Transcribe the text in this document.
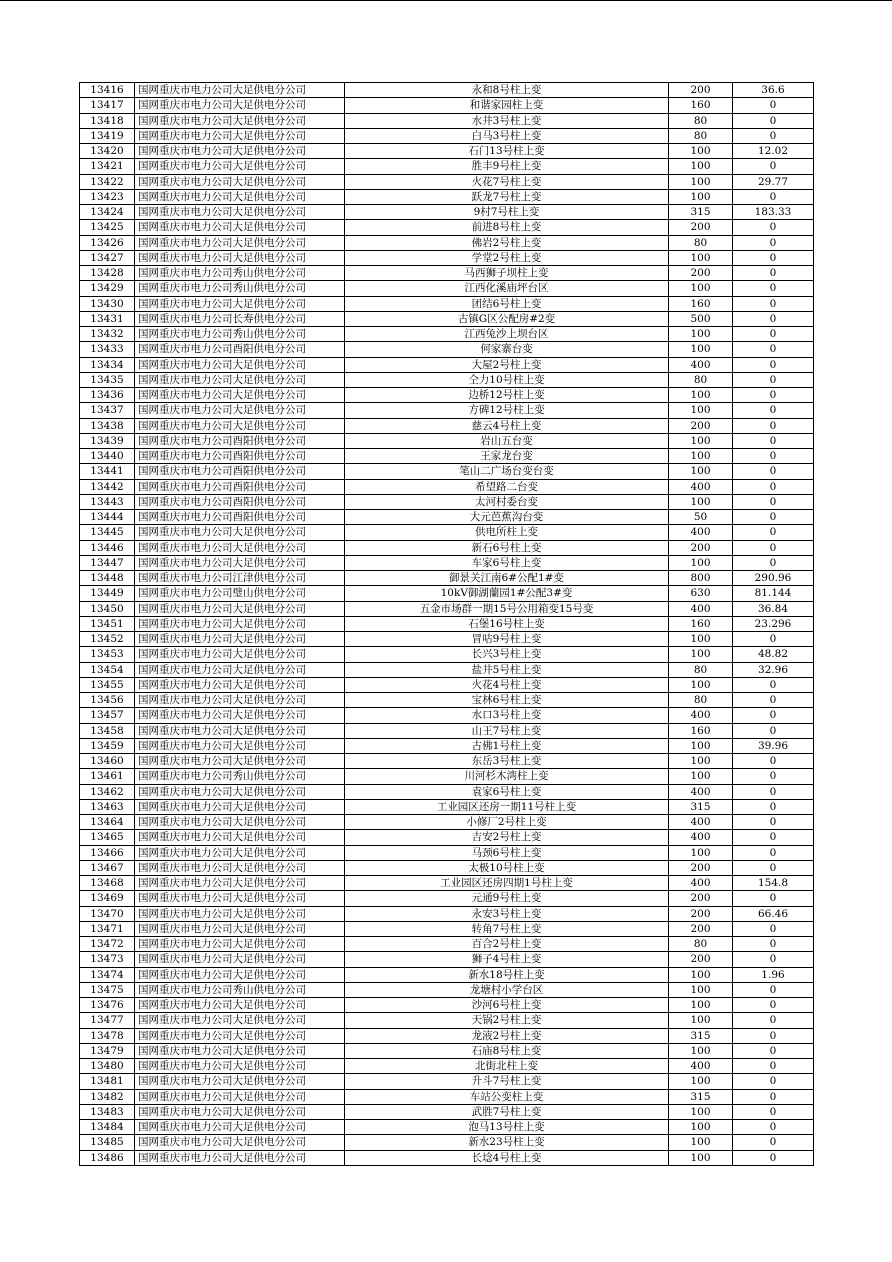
13416	国网重庆市电力公司大足供电分公司	永和8号柱上变	200	36.6
13417	国网重庆市电力公司大足供电分公司	和谐家园柱上变	160	0
13418	国网重庆市电力公司大足供电分公司	水井3号柱上变	80	0
13419	国网重庆市电力公司大足供电分公司	白马3号柱上变	80	0
13420	国网重庆市电力公司大足供电分公司	石门13号柱上变	100	12.02
13421	国网重庆市电力公司大足供电分公司	胜丰9号柱上变	100	0
13422	国网重庆市电力公司大足供电分公司	火花7号柱上变	100	29.77
13423	国网重庆市电力公司大足供电分公司	跃龙7号柱上变	100	0
13424	国网重庆市电力公司大足供电分公司	9村7号柱上变	315	183.33
13425	国网重庆市电力公司大足供电分公司	前进8号柱上变	200	0
13426	国网重庆市电力公司大足供电分公司	佛岩2号柱上变	80	0
13427	国网重庆市电力公司大足供电分公司	学堂2号柱上变	100	0
13428	国网重庆市电力公司秀山供电分公司	马西狮子坝柱上变	200	0
13429	国网重庆市电力公司秀山供电分公司	江西化溪庙坪台区	100	0
13430	国网重庆市电力公司大足供电分公司	团结6号柱上变	160	0
13431	国网重庆市电力公司长寿供电分公司	古镇G区公配房#2变	500	0
13432	国网重庆市电力公司秀山供电分公司	江西兔沙上坝台区	100	0
13433	国网重庆市电力公司酉阳供电分公司	何家寨台变	100	0
13434	国网重庆市电力公司大足供电分公司	大屋2号柱上变	400	0
13435	国网重庆市电力公司大足供电分公司	仝力10号柱上变	80	0
13436	国网重庆市电力公司大足供电分公司	边桥12号柱上变	100	0
13437	国网重庆市电力公司大足供电分公司	方碑12号柱上变	100	0
13438	国网重庆市电力公司大足供电分公司	慈云4号柱上变	200	0
13439	国网重庆市电力公司酉阳供电分公司	岩山五台变	100	0
13440	国网重庆市电力公司酉阳供电分公司	王家龙台变	100	0
13441	国网重庆市电力公司酉阳供电分公司	笔山二广场台变台变	100	0
13442	国网重庆市电力公司酉阳供电分公司	希望路二台变	400	0
13443	国网重庆市电力公司酉阳供电分公司	太河村委台变	100	0
13444	国网重庆市电力公司酉阳供电分公司	大元芭蕉沟台变	50	0
13445	国网重庆市电力公司大足供电分公司	供电所柱上变	400	0
13446	国网重庆市电力公司大足供电分公司	新石6号柱上变	200	0
13447	国网重庆市电力公司大足供电分公司	车家6号柱上变	100	0
13448	国网重庆市电力公司江津供电分公司	御景关江南6#公配1#变	800	290.96
13449	国网重庆市电力公司璧山供电分公司	10kV御湖蘭园1#公配3#变	630	81.144
13450	国网重庆市电力公司大足供电分公司	五金市场群一期15号公用箱变15号变	400	36.84
13451	国网重庆市电力公司大足供电分公司	石堡16号柱上变	160	23.296
13452	国网重庆市电力公司大足供电分公司	冒咕9号柱上变	100	0
13453	国网重庆市电力公司大足供电分公司	长兴3号柱上变	100	48.82
13454	国网重庆市电力公司大足供电分公司	盐井5号柱上变	80	32.96
13455	国网重庆市电力公司大足供电分公司	火花4号柱上变	100	0
13456	国网重庆市电力公司大足供电分公司	宝林6号柱上变	80	0
13457	国网重庆市电力公司大足供电分公司	水口3号柱上变	400	0
13458	国网重庆市电力公司大足供电分公司	山王7号柱上变	160	0
13459	国网重庆市电力公司大足供电分公司	古佛1号柱上变	100	39.96
13460	国网重庆市电力公司大足供电分公司	东岳3号柱上变	100	0
13461	国网重庆市电力公司秀山供电分公司	川河杉木湾柱上变	100	0
13462	国网重庆市电力公司大足供电分公司	袁家6号柱上变	400	0
13463	国网重庆市电力公司大足供电分公司	工业园区还房一期11号柱上变	315	0
13464	国网重庆市电力公司大足供电分公司	小修厂2号柱上变	400	0
13465	国网重庆市电力公司大足供电分公司	吉安2号柱上变	400	0
13466	国网重庆市电力公司大足供电分公司	马颈6号柱上变	100	0
13467	国网重庆市电力公司大足供电分公司	太极10号柱上变	200	0
13468	国网重庆市电力公司大足供电分公司	工业园区还房四期1号柱上变	400	154.8
13469	国网重庆市电力公司大足供电分公司	元通9号柱上变	200	0
13470	国网重庆市电力公司大足供电分公司	永安3号柱上变	200	66.46
13471	国网重庆市电力公司大足供电分公司	转角7号柱上变	200	0
13472	国网重庆市电力公司大足供电分公司	百合2号柱上变	80	0
13473	国网重庆市电力公司大足供电分公司	狮子4号柱上变	200	0
13474	国网重庆市电力公司大足供电分公司	新水18号柱上变	100	1.96
13475	国网重庆市电力公司秀山供电分公司	龙塘村小学台区	100	0
13476	国网重庆市电力公司大足供电分公司	沙河6号柱上变	100	0
13477	国网重庆市电力公司大足供电分公司	天锅2号柱上变	100	0
13478	国网重庆市电力公司大足供电分公司	龙液2号柱上变	315	0
13479	国网重庆市电力公司大足供电分公司	石庙8号柱上变	100	0
13480	国网重庆市电力公司大足供电分公司	北街北柱上变	400	0
13481	国网重庆市电力公司大足供电分公司	升斗7号柱上变	100	0
13482	国网重庆市电力公司大足供电分公司	车站公变柱上变	315	0
13483	国网重庆市电力公司大足供电分公司	武胜7号柱上变	100	0
13484	国网重庆市电力公司大足供电分公司	泡马13号柱上变	100	0
13485	国网重庆市电力公司大足供电分公司	新水23号柱上变	100	0
13486	国网重庆市电力公司大足供电分公司	长埝4号柱上变	100	0
